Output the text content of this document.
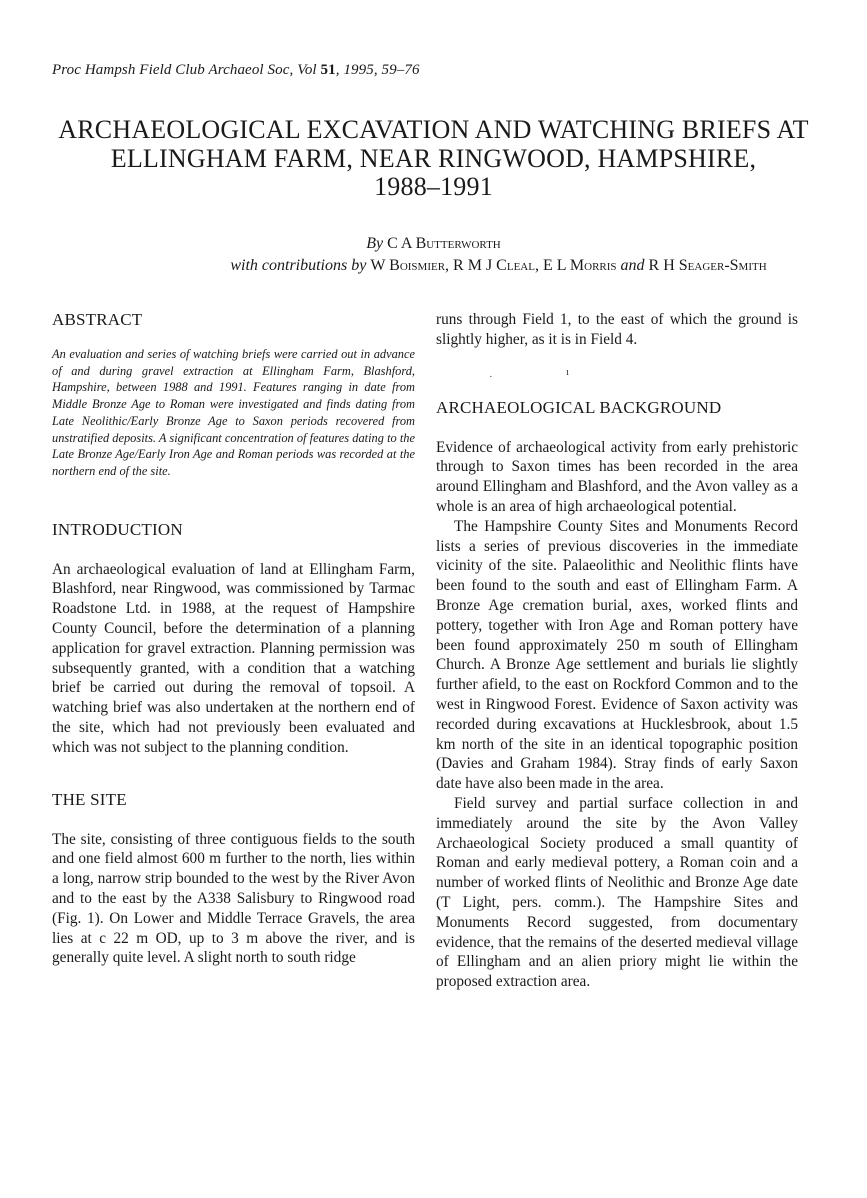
Proc Hampsh Field Club Archaeol Soc, Vol 51, 1995, 59–76
ARCHAEOLOGICAL EXCAVATION AND WATCHING BRIEFS AT
ELLINGHAM FARM, NEAR RINGWOOD, HAMPSHIRE,
1988–1991
By C A Butterworth
with contributions by W Boismier, R M J Cleal, E L Morris and R H Seager-Smith
ABSTRACT

An evaluation and series of watching briefs were carried out in advance of and during gravel extraction at Ellingham Farm, Blashford, Hampshire, between 1988 and 1991. Features ranging in date from Middle Bronze Age to Roman were investigated and finds dating from Late Neolithic/Early Bronze Age to Saxon periods recovered from unstratified deposits. A significant concentration of features dating to the Late Bronze Age/Early Iron Age and Roman periods was recorded at the northern end of the site.

INTRODUCTION

An archaeological evaluation of land at Ellingham Farm, Blashford, near Ringwood, was commissioned by Tarmac Roadstone Ltd. in 1988, at the request of Hampshire County Council, before the determination of a planning application for gravel extraction. Planning permission was subsequently granted, with a condition that a watching brief be carried out during the removal of topsoil. A watching brief was also undertaken at the northern end of the site, which had not previously been evaluated and which was not subject to the planning condition.

THE SITE

The site, consisting of three contiguous fields to the south and one field almost 600 m further to the north, lies within a long, narrow strip bounded to the west by the River Avon and to the east by the A338 Salisbury to Ringwood road (Fig. 1). On Lower and Middle Terrace Gravels, the area lies at c 22 m OD, up to 3 m above the river, and is generally quite level. A slight north to south ridge

runs through Field 1, to the east of which the ground is slightly higher, as it is in Field 4.

ARCHAEOLOGICAL BACKGROUND

Evidence of archaeological activity from early prehistoric through to Saxon times has been recorded in the area around Ellingham and Blashford, and the Avon valley as a whole is an area of high archaeological potential.

The Hampshire County Sites and Monuments Record lists a series of previous discoveries in the immediate vicinity of the site. Palaeolithic and Neolithic flints have been found to the south and east of Ellingham Farm. A Bronze Age cremation burial, axes, worked flints and pottery, together with Iron Age and Roman pottery have been found approximately 250 m south of Ellingham Church. A Bronze Age settlement and burials lie slightly further afield, to the east on Rockford Common and to the west in Ringwood Forest. Evidence of Saxon activity was recorded during excavations at Hucklesbrook, about 1.5 km north of the site in an identical topographic position (Davies and Graham 1984). Stray finds of early Saxon date have also been made in the area.

Field survey and partial surface collection in and immediately around the site by the Avon Valley Archaeological Society produced a small quantity of Roman and early medieval pottery, a Roman coin and a number of worked flints of Neolithic and Bronze Age date (T Light, pers. comm.). The Hampshire Sites and Monuments Record suggested, from documentary evidence, that the remains of the deserted medieval village of Ellingham and an alien priory might lie within the proposed extraction area.

·	ı
